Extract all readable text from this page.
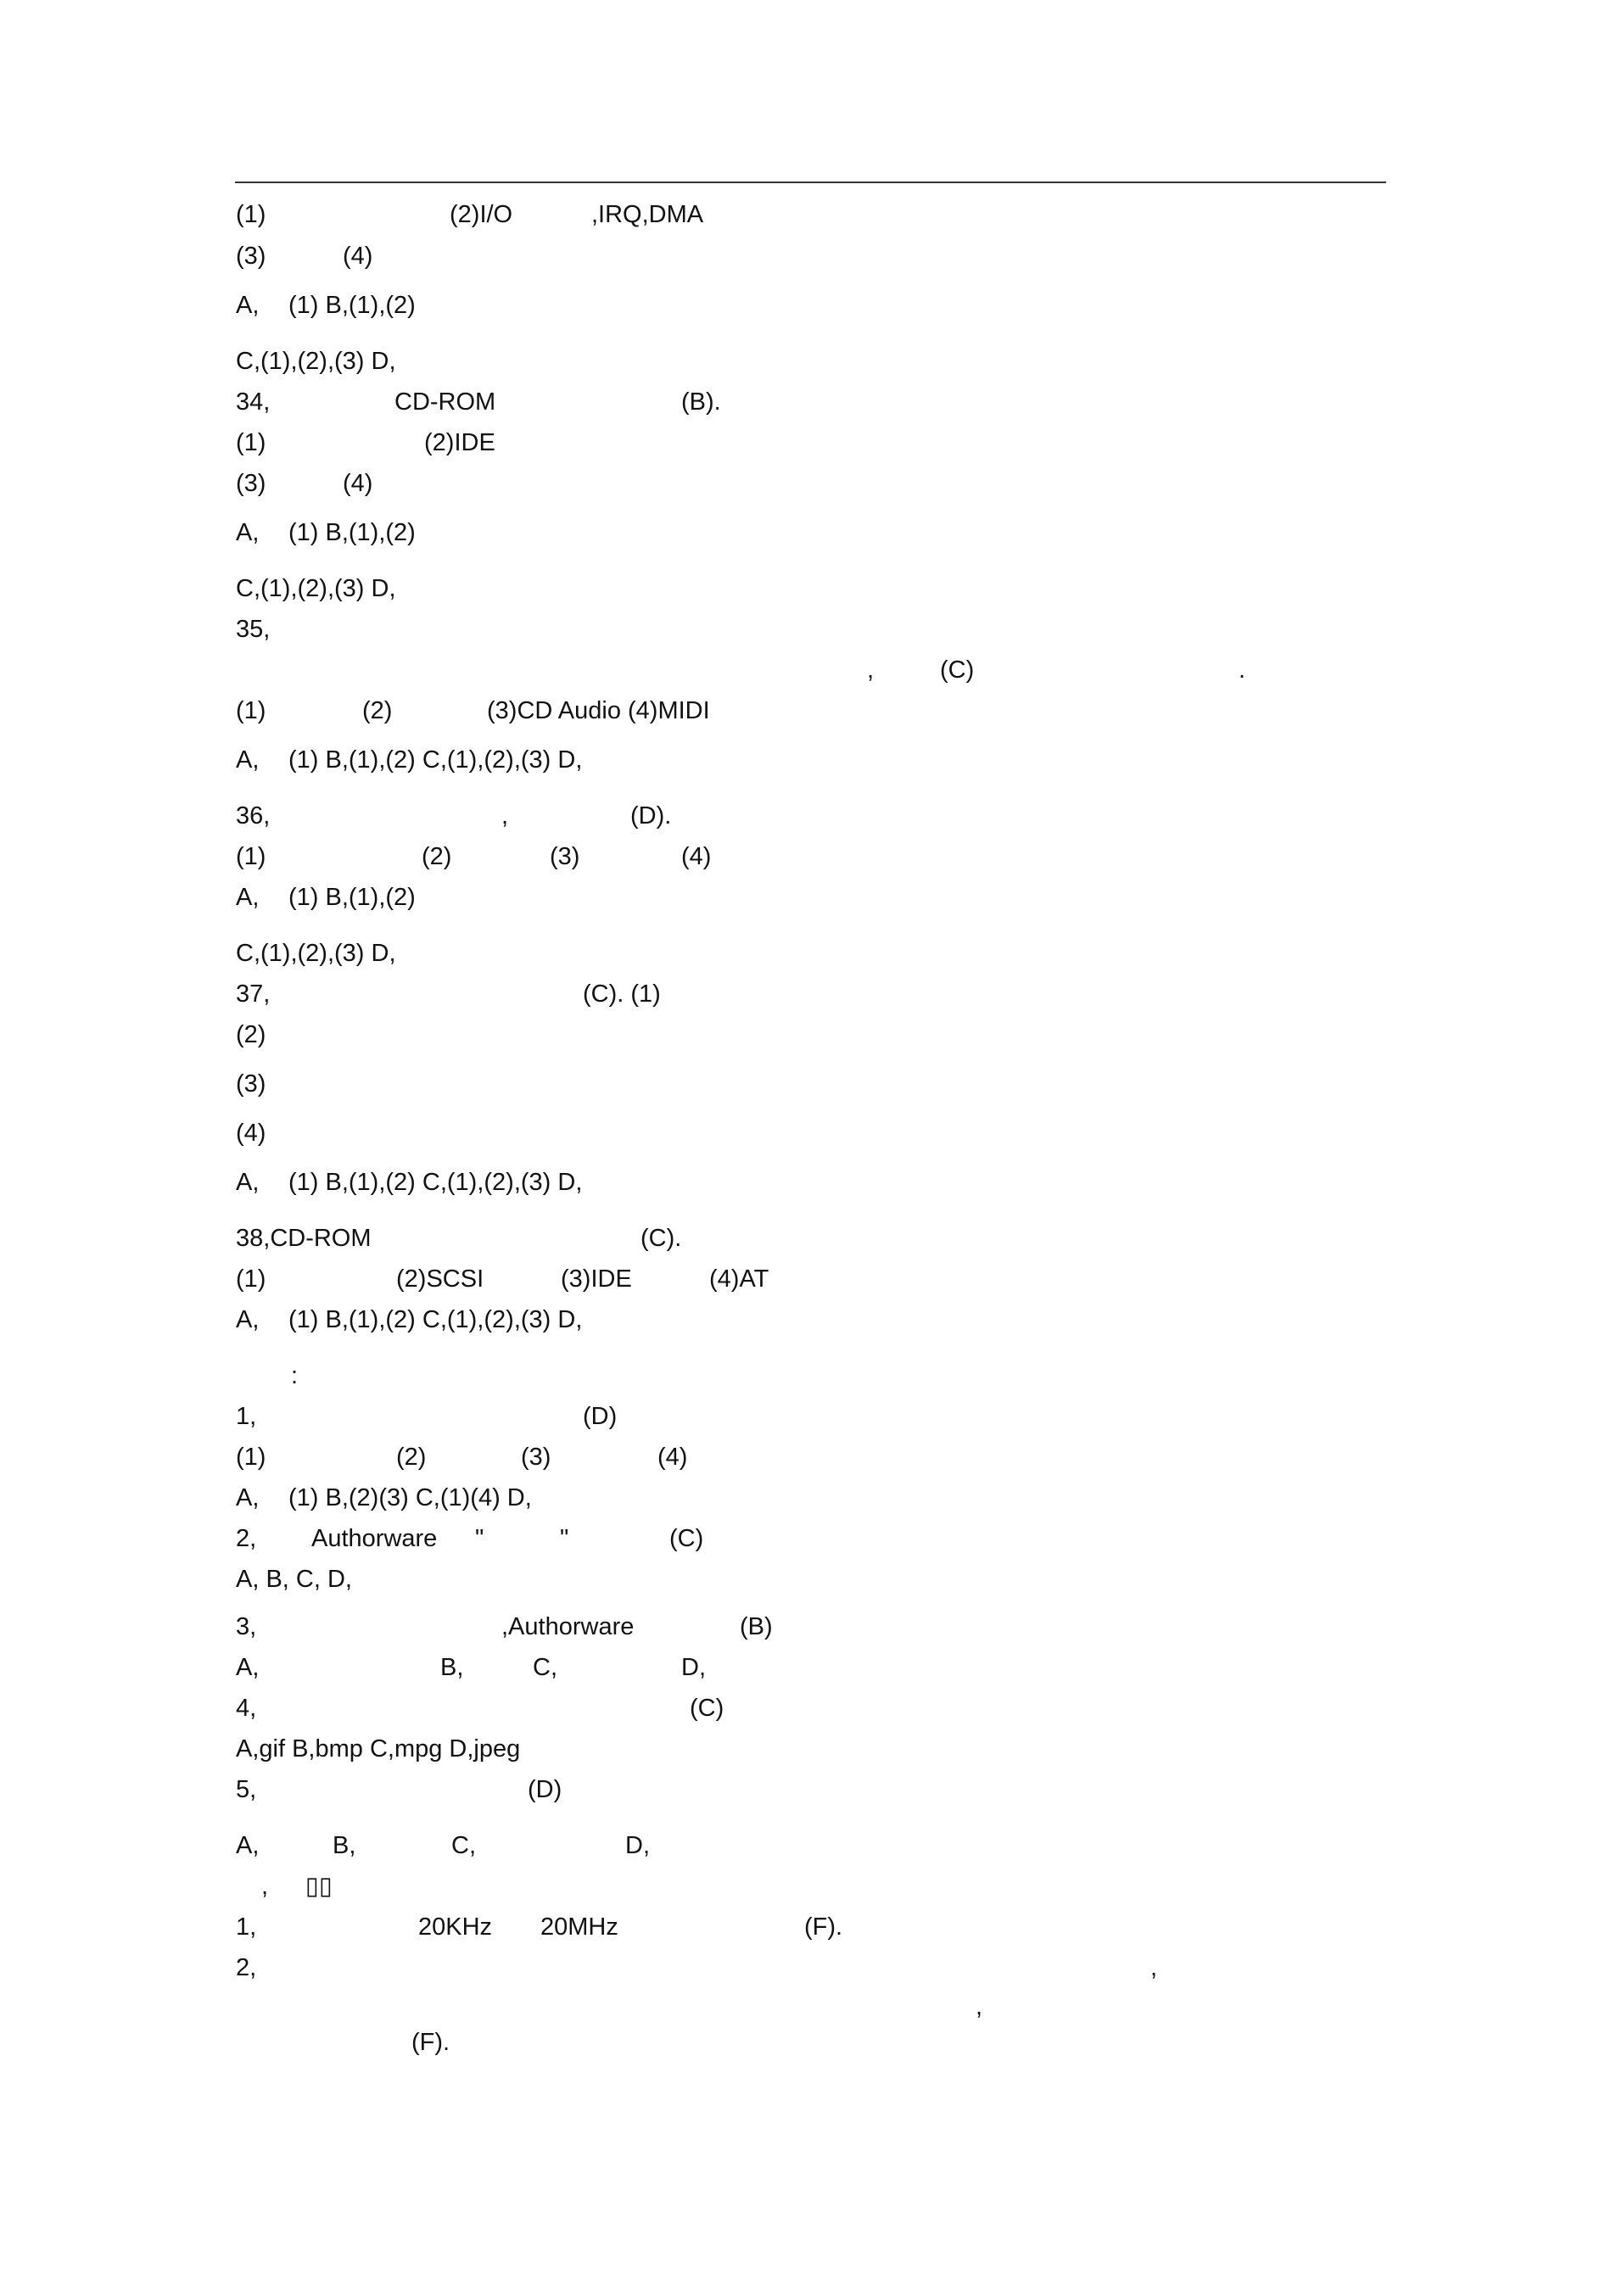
(1)	(2)I/O	,IRQ,DMA
(3)	(4)
A, (1) B,(1),(2)
C,(1),(2),(3) D,
34,	CD-ROM	(B).
(1)	(2)IDE
(3)	(4)
A, (1) B,(1),(2)
C,(1),(2),(3) D,
35,
,	(C)	.
(1)	(2)	(3)CD Audio (4)MIDI
A, (1) B,(1),(2) C,(1),(2),(3) D,
36,	,	(D).
(1)	(2)	(3)	(4)
A, (1) B,(1),(2)
C,(1),(2),(3) D,
37,	(C). (1)
(2)
(3)
(4)
A, (1) B,(1),(2) C,(1),(2),(3) D,
38,CD-ROM	(C).
(1)	(2)SCSI	(3)IDE	(4)AT
A, (1) B,(1),(2) C,(1),(2),(3) D,
:
1,	(D)
(1)	(2)	(3)	(4)
A, (1) B,(2)(3) C,(1)(4) D,
2, Authorware "	"	(C)
A, B, C, D,
3,	,Authorware	(B)
A,	B,	C,	D,
4,	(C)
A,gif B,bmp C,mpg D,jpeg
5,	(D)
A,	B,	C,	D,
, ▯▯
1,	20KHz 20MHz	(F).
2,	,
,
(F).
